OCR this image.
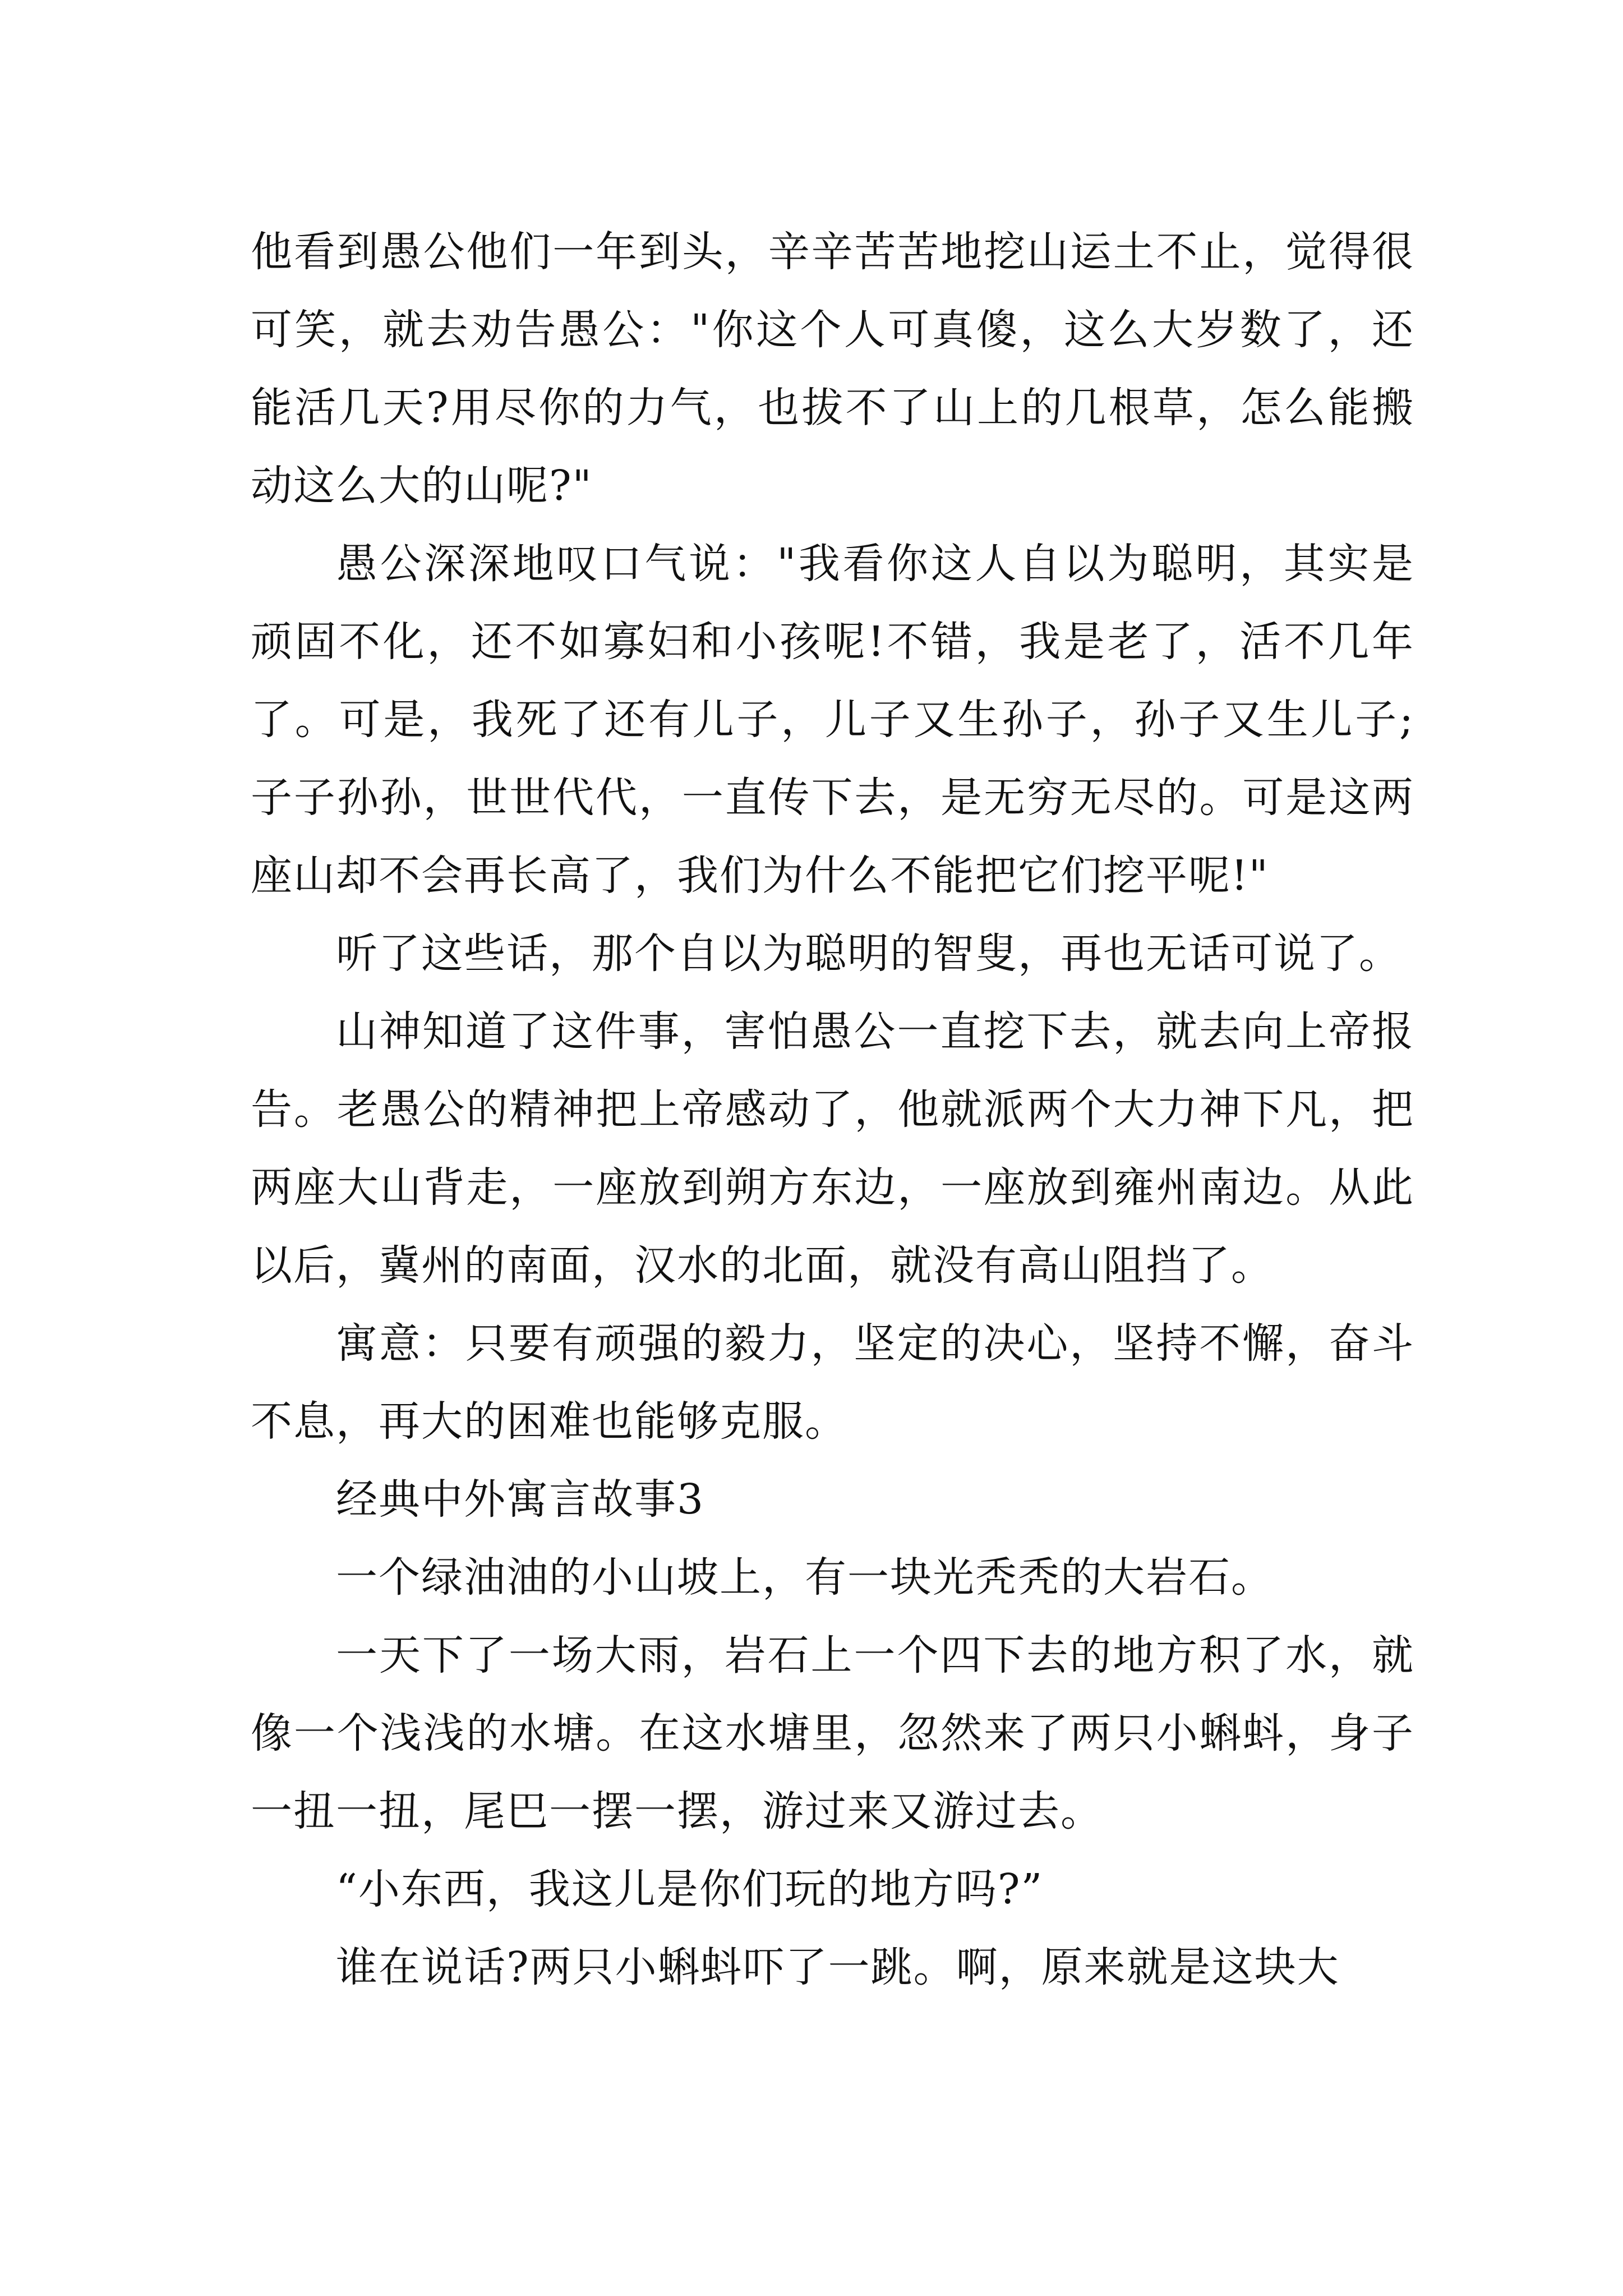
他看到愚公他们一年到头，辛辛苦苦地挖山运土不止，觉得很可笑，就去劝告愚公："你这个人可真傻，这么大岁数了，还能活几天?用尽你的力气，也拔不了山上的几根草，怎么能搬动这么大的山呢?"

愚公深深地叹口气说："我看你这人自以为聪明，其实是顽固不化，还不如寡妇和小孩呢!不错，我是老了，活不几年了。可是，我死了还有儿子，儿子又生孙子，孙子又生儿子;子子孙孙，世世代代，一直传下去，是无穷无尽的。可是这两座山却不会再长高了，我们为什么不能把它们挖平呢!"

听了这些话，那个自以为聪明的智叟，再也无话可说了。

山神知道了这件事，害怕愚公一直挖下去，就去向上帝报告。老愚公的精神把上帝感动了，他就派两个大力神下凡，把两座大山背走，一座放到朔方东边，一座放到雍州南边。从此以后，冀州的南面，汉水的北面，就没有高山阻挡了。

寓意：只要有顽强的毅力，坚定的决心，坚持不懈，奋斗不息，再大的困难也能够克服。

经典中外寓言故事3

一个绿油油的小山坡上，有一块光秃秃的大岩石。

一天下了一场大雨，岩石上一个四下去的地方积了水，就像一个浅浅的水塘。在这水塘里，忽然来了两只小蝌蚪，身子一扭一扭，尾巴一摆一摆，游过来又游过去。

“小东西，我这儿是你们玩的地方吗?”

谁在说话?两只小蝌蚪吓了一跳。啊，原来就是这块大
